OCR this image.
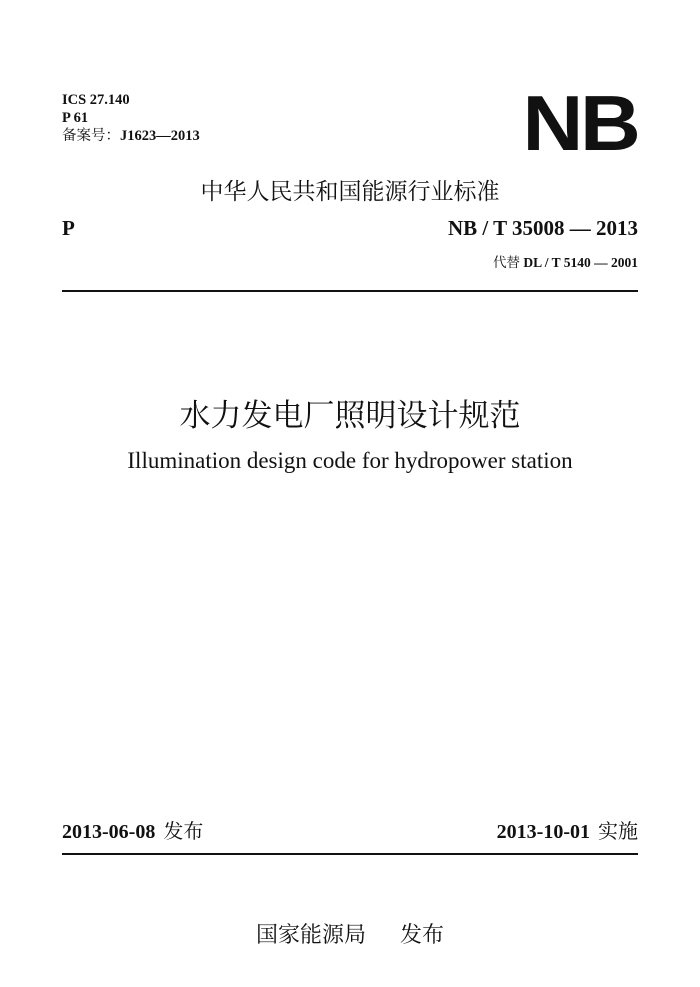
ICS 27.140
P 61
备案号：J1623—2013	NB
中华人民共和国能源行业标准
P	NB / T 35008 — 2013
代替 DL / T 5140 — 2001
水力发电厂照明设计规范
Illumination design code for hydropower station
2013-06-08 发布	2013-10-01 实施
国家能源局 发布
